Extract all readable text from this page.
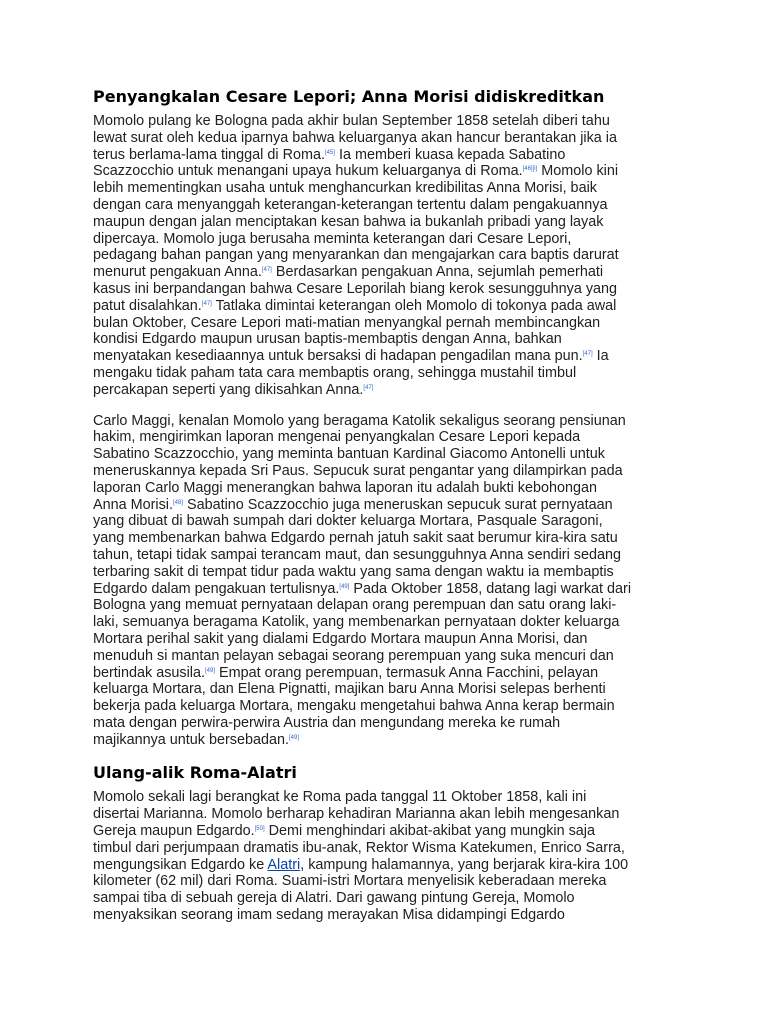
Penyangkalan Cesare Lepori; Anna Morisi didiskreditkan

Momolo pulang ke Bologna pada akhir bulan September 1858 setelah diberi tahu
lewat surat oleh kedua iparnya bahwa keluarganya akan hancur berantakan jika ia
terus berlama-lama tinggal di Roma.[45] Ia memberi kuasa kepada Sabatino
Scazzocchio untuk menangani upaya hukum keluarganya di Roma.[46][i] Momolo kini
lebih mementingkan usaha untuk menghancurkan kredibilitas Anna Morisi, baik
dengan cara menyanggah keterangan-keterangan tertentu dalam pengakuannya
maupun dengan jalan menciptakan kesan bahwa ia bukanlah pribadi yang layak
dipercaya. Momolo juga berusaha meminta keterangan dari Cesare Lepori,
pedagang bahan pangan yang menyarankan dan mengajarkan cara baptis darurat
menurut pengakuan Anna.[47] Berdasarkan pengakuan Anna, sejumlah pemerhati
kasus ini berpandangan bahwa Cesare Leporilah biang kerok sesungguhnya yang
patut disalahkan.[47] Tatlaka dimintai keterangan oleh Momolo di tokonya pada awal
bulan Oktober, Cesare Lepori mati-matian menyangkal pernah membincangkan
kondisi Edgardo maupun urusan baptis-membaptis dengan Anna, bahkan
menyatakan kesediaannya untuk bersaksi di hadapan pengadilan mana pun.[47] Ia
mengaku tidak paham tata cara membaptis orang, sehingga mustahil timbul
percakapan seperti yang dikisahkan Anna.[47]

Carlo Maggi, kenalan Momolo yang beragama Katolik sekaligus seorang pensiunan
hakim, mengirimkan laporan mengenai penyangkalan Cesare Lepori kepada
Sabatino Scazzocchio, yang meminta bantuan Kardinal Giacomo Antonelli untuk
meneruskannya kepada Sri Paus. Sepucuk surat pengantar yang dilampirkan pada
laporan Carlo Maggi menerangkan bahwa laporan itu adalah bukti kebohongan
Anna Morisi.[48] Sabatino Scazzocchio juga meneruskan sepucuk surat pernyataan
yang dibuat di bawah sumpah dari dokter keluarga Mortara, Pasquale Saragoni,
yang membenarkan bahwa Edgardo pernah jatuh sakit saat berumur kira-kira satu
tahun, tetapi tidak sampai terancam maut, dan sesungguhnya Anna sendiri sedang
terbaring sakit di tempat tidur pada waktu yang sama dengan waktu ia membaptis
Edgardo dalam pengakuan tertulisnya.[49] Pada Oktober 1858, datang lagi warkat dari
Bologna yang memuat pernyataan delapan orang perempuan dan satu orang laki-
laki, semuanya beragama Katolik, yang membenarkan pernyataan dokter keluarga
Mortara perihal sakit yang dialami Edgardo Mortara maupun Anna Morisi, dan
menuduh si mantan pelayan sebagai seorang perempuan yang suka mencuri dan
bertindak asusila.[49] Empat orang perempuan, termasuk Anna Facchini, pelayan
keluarga Mortara, dan Elena Pignatti, majikan baru Anna Morisi selepas berhenti
bekerja pada keluarga Mortara, mengaku mengetahui bahwa Anna kerap bermain
mata dengan perwira-perwira Austria dan mengundang mereka ke rumah
majikannya untuk bersebadan.[49]

Ulang-alik Roma-Alatri

Momolo sekali lagi berangkat ke Roma pada tanggal 11 Oktober 1858, kali ini
disertai Marianna. Momolo berharap kehadiran Marianna akan lebih mengesankan
Gereja maupun Edgardo.[50] Demi menghindari akibat-akibat yang mungkin saja
timbul dari perjumpaan dramatis ibu-anak, Rektor Wisma Katekumen, Enrico Sarra,
mengungsikan Edgardo ke Alatri, kampung halamannya, yang berjarak kira-kira 100
kilometer (62 mil) dari Roma. Suami-istri Mortara menyelisik keberadaan mereka
sampai tiba di sebuah gereja di Alatri. Dari gawang pintung Gereja, Momolo
menyaksikan seorang imam sedang merayakan Misa didampingi Edgardo
